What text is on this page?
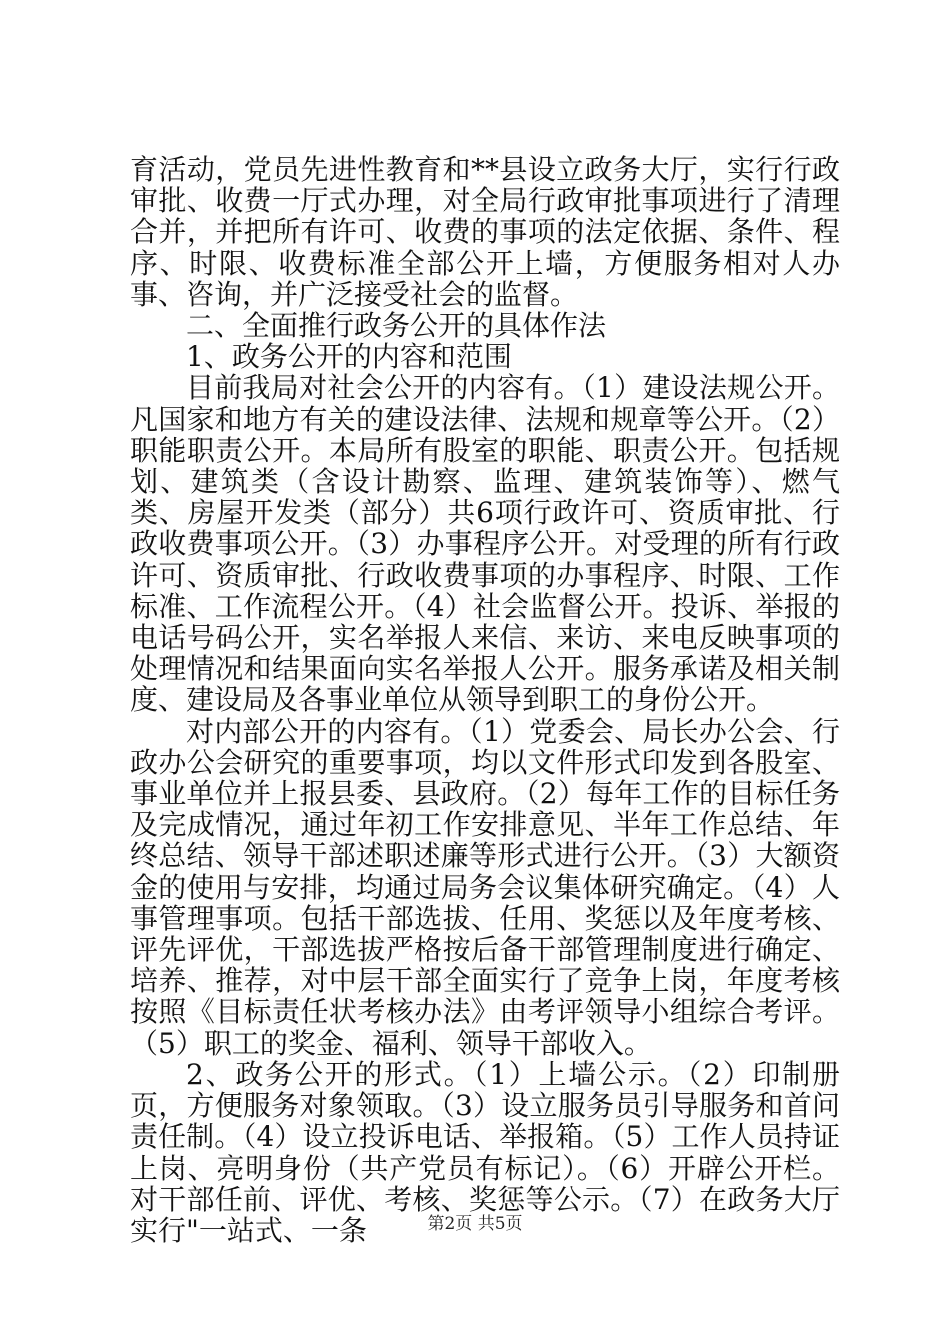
育活动，党员先进性教育和**县设立政务大厅，实行行政审批、收费一厅式办理，对全局行政审批事项进行了清理合并，并把所有许可、收费的事项的法定依据、条件、程序、时限、收费标准全部公开上墙，方便服务相对人办事、咨询，并广泛接受社会的监督。

二、全面推行政务公开的具体作法

1、政务公开的内容和范围

目前我局对社会公开的内容有。（1）建设法规公开。凡国家和地方有关的建设法律、法规和规章等公开。（2）职能职责公开。本局所有股室的职能、职责公开。包括规划、建筑类（含设计勘察、监理、建筑装饰等）、燃气类、房屋开发类（部分）共6项行政许可、资质审批、行政收费事项公开。（3）办事程序公开。对受理的所有行政许可、资质审批、行政收费事项的办事程序、时限、工作标准、工作流程公开。（4）社会监督公开。投诉、举报的电话号码公开，实名举报人来信、来访、来电反映事项的处理情况和结果面向实名举报人公开。服务承诺及相关制度、建设局及各事业单位从领导到职工的身份公开。

对内部公开的内容有。（1）党委会、局长办公会、行政办公会研究的重要事项，均以文件形式印发到各股室、事业单位并上报县委、县政府。（2）每年工作的目标任务及完成情况，通过年初工作安排意见、半年工作总结、年终总结、领导干部述职述廉等形式进行公开。（3）大额资金的使用与安排，均通过局务会议集体研究确定。（4）人事管理事项。包括干部选拔、任用、奖惩以及年度考核、评先评优，干部选拔严格按后备干部管理制度进行确定、培养、推荐，对中层干部全面实行了竞争上岗，年度考核按照《目标责任状考核办法》由考评领导小组综合考评。（5）职工的奖金、福利、领导干部收入。

2、政务公开的形式。（1）上墙公示。（2）印制册页，方便服务对象领取。（3）设立服务员引导服务和首问责任制。（4）设立投诉电话、举报箱。（5）工作人员持证上岗、亮明身份（共产党员有标记）。（6）开辟公开栏。对干部任前、评优、考核、奖惩等公示。（7）在政务大厅实行"一站式、一条	第2页 共5页
